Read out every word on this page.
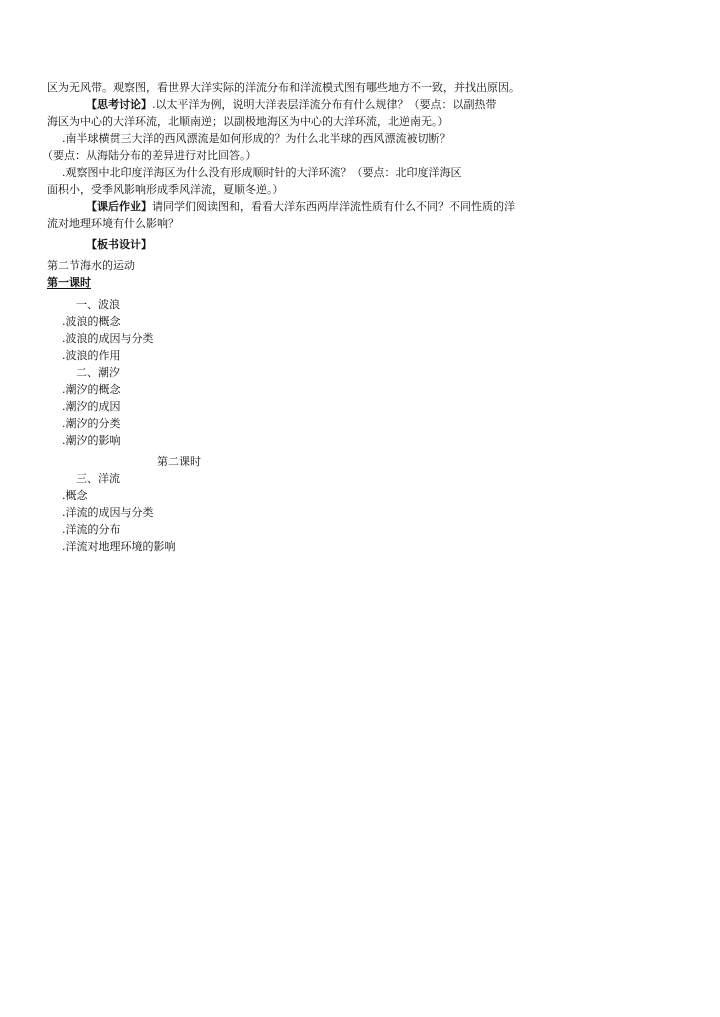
区为无风带。观察图，看世界大洋实际的洋流分布和洋流模式图有哪些地方不一致，并找出原因。
【思考讨论】.以太平洋为例，说明大洋表层洋流分布有什么规律？（要点：以副热带
海区为中心的大洋环流，北顺南逆；以副极地海区为中心的大洋环流，北逆南无。）
.南半球横贯三大洋的西风漂流是如何形成的？为什么北半球的西风漂流被切断？
（要点：从海陆分布的差异进行对比回答。）
.观察图中北印度洋海区为什么没有形成顺时针的大洋环流？（要点：北印度洋海区
面积小，受季风影响形成季风洋流，夏顺冬逆。）
【课后作业】请同学们阅读图和，看看大洋东西两岸洋流性质有什么不同？不同性质的洋
流对地理环境有什么影响？
【板书设计】
第二节海水的运动
第一课时
一、波浪
.波浪的概念
.波浪的成因与分类
.波浪的作用
二、潮汐
.潮汐的概念
.潮汐的成因
.潮汐的分类
.潮汐的影响
第二课时
三、洋流
.概念
.洋流的成因与分类
.洋流的分布
.洋流对地理环境的影响
